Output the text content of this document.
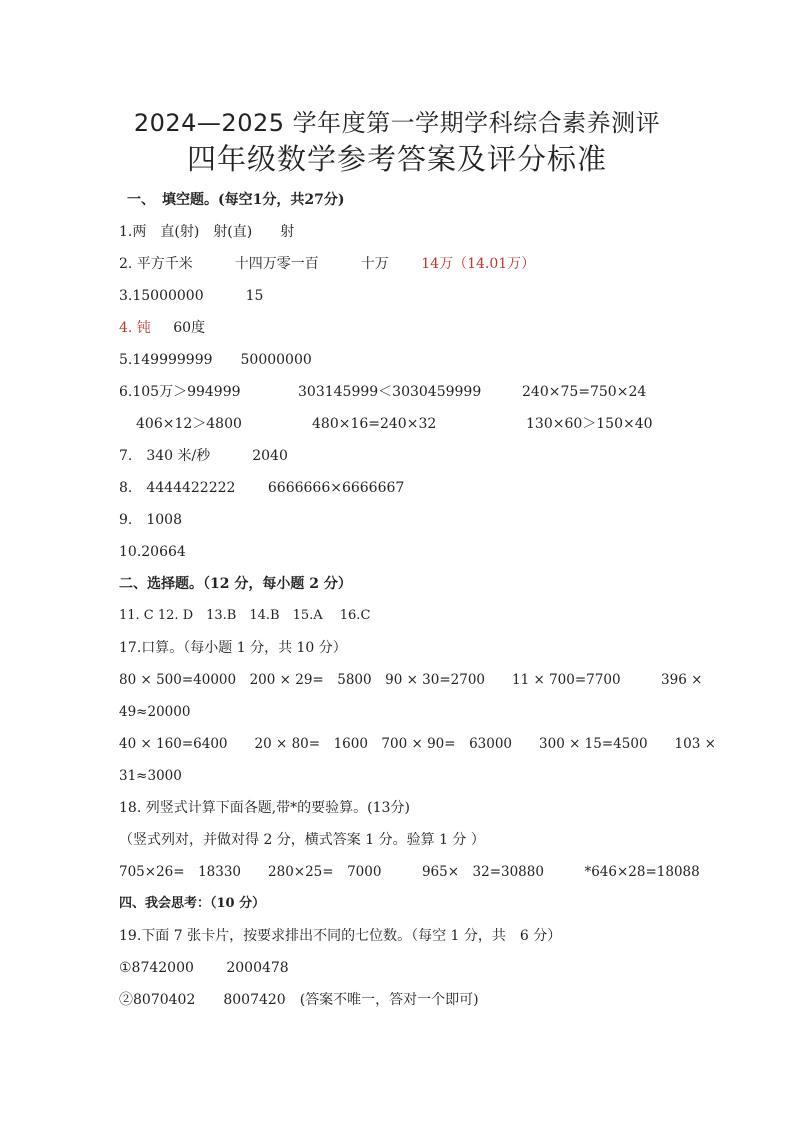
2024—2025 学年度第一学期学科综合素养测评
四年级数学参考答案及评分标准
一、　填空题。(每空1分，共27分)
1.两　直(射)　射(直)　　射
2. 平方千米　　　十四万零一百　　　十万 14万（14.01万）
3.15000000　　　15
4. 钝 60度
5.149999999　　50000000
6.105万＞994999	303145999＜3030459999	240×75=750×24
406×12＞4800	480×16=240×32	130×60＞150×40
7.　340 米/秒　　　2040
8.　4444422222　　 6666666×6666667
9.　1008
10.20664
二、选择题。（12 分，每小题 2 分）
11. C 12. D　13.B　14.B　15.A　 16.C
17.口算。（每小题 1 分，共 10 分）
80 × 500=40000　200 × 29=　5800　90 × 30=2700　　11 × 700=7700　　　396 ×
49≈20000
40 × 160=6400　　20 × 80=　1600　700 × 90=　63000　　300 × 15=4500　　103 ×
31≈3000
18. 列竖式计算下面各题,带*的要验算。(13分)
（竖式列对，并做对得 2 分，横式答案 1 分。验算 1 分 ）
705×26=　18330　　280×25=　7000　　　965×　32=30880　　　*646×28=18088
四、我会思考：（10 分）
19.下面 7 张卡片，按要求排出不同的七位数。（每空 1 分，共　6 分）
①8742000　　 2000478
②8070402　　8007420　(答案不唯一，答对一个即可)
